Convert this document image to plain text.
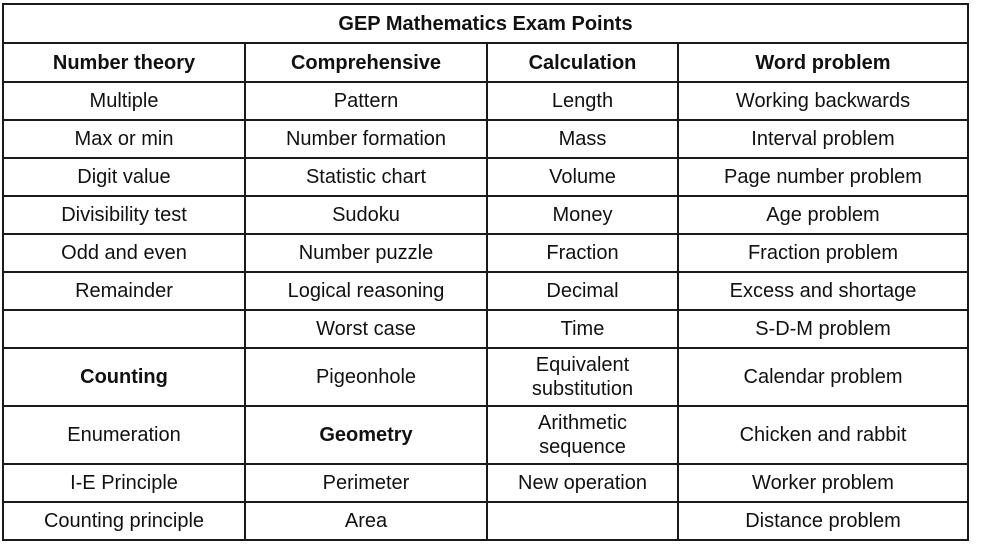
GEP Mathematics Exam Points			
Number theory	Comprehensive	Calculation	Word problem
Multiple	Pattern	Length	Working backwards
Max or min	Number formation	Mass	Interval problem
Digit value	Statistic chart	Volume	Page number problem
Divisibility test	Sudoku	Money	Age problem
Odd and even	Number puzzle	Fraction	Fraction problem
Remainder	Logical reasoning	Decimal	Excess and shortage
	Worst case	Time	S-D-M problem
Counting	Pigeonhole	Equivalent substitution	Calendar problem
Enumeration	Geometry	Arithmetic sequence	Chicken and rabbit
I-E Principle	Perimeter	New operation	Worker problem
Counting principle	Area		Distance problem
